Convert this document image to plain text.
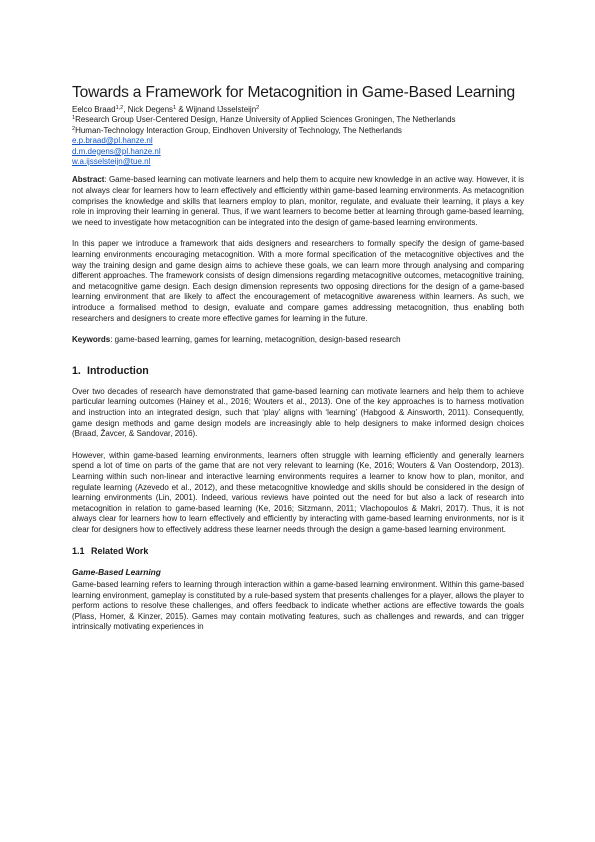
Towards a Framework for Metacognition in Game-Based Learning

Eelco Braad$^{1,2}$, Nick Degens$^1$ & Wijnand IJsselsteijn$^2$

$^1$Research Group User-Centered Design, Hanze University of Applied Sciences Groningen, The Netherlands

$^2$Human-Technology Interaction Group, Eindhoven University of Technology, The Netherlands

e.p.braad@pl.hanze.nl

d.m.degens@pl.hanze.nl

w.a.ijsselsteijn@tue.nl

Abstract: Game-based learning can motivate learners and help them to acquire new knowledge in an active way. However, it is not always clear for learners how to learn effectively and efficiently within game-based learning environments. As metacognition comprises the knowledge and skills that learners employ to plan, monitor, regulate, and evaluate their learning, it plays a key role in improving their learning in general. Thus, if we want learners to become better at learning through game-based learning, we need to investigate how metacognition can be integrated into the design of game-based learning environments.

In this paper we introduce a framework that aids designers and researchers to formally specify the design of game-based learning environments encouraging metacognition. With a more formal specification of the metacognitive objectives and the way the training design and game design aims to achieve these goals, we can learn more through analysing and comparing different approaches. The framework consists of design dimensions regarding metacognitive outcomes, metacognitive training, and metacognitive game design. Each design dimension represents two opposing directions for the design of a game-based learning environment that are likely to affect the encouragement of metacognitive awareness within learners. As such, we introduce a formalised method to design, evaluate and compare games addressing metacognition, thus enabling both researchers and designers to create more effective games for learning in the future.

Keywords: game-based learning, games for learning, metacognition, design-based research

1. Introduction

Over two decades of research have demonstrated that game-based learning can motivate learners and help them to achieve particular learning outcomes (Hainey et al., 2016; Wouters et al., 2013). One of the key approaches is to harness motivation and instruction into an integrated design, such that ‘play’ aligns with ‘learning’ (Habgood & Ainsworth, 2011). Consequently, game design methods and game design models are increasingly able to help designers to make informed design choices (Braad, Žavcer, & Sandovar, 2016).

However, within game-based learning environments, learners often struggle with learning efficiently and generally learners spend a lot of time on parts of the game that are not very relevant to learning (Ke, 2016; Wouters & Van Oostendorp, 2013). Learning within such non-linear and interactive learning environments requires a learner to know how to plan, monitor, and regulate learning (Azevedo et al., 2012), and these metacognitive knowledge and skills should be considered in the design of learning environments (Lin, 2001). Indeed, various reviews have pointed out the need for but also a lack of research into metacognition in relation to game-based learning (Ke, 2016; Sitzmann, 2011; Vlachopoulos & Makri, 2017). Thus, it is not always clear for learners how to learn effectively and efficiently by interacting with game-based learning environments, nor is it clear for designers how to effectively address these learner needs through the design a game-based learning environment.

1.1 Related Work
Game-Based Learning

Game-based learning refers to learning through interaction within a game-based learning environment. Within this game-based learning environment, gameplay is constituted by a rule-based system that presents challenges for a player, allows the player to perform actions to resolve these challenges, and offers feedback to indicate whether actions are effective towards the goals (Plass, Homer, & Kinzer, 2015). Games may contain motivating features, such as challenges and rewards, and can trigger intrinsically motivating experiences in
